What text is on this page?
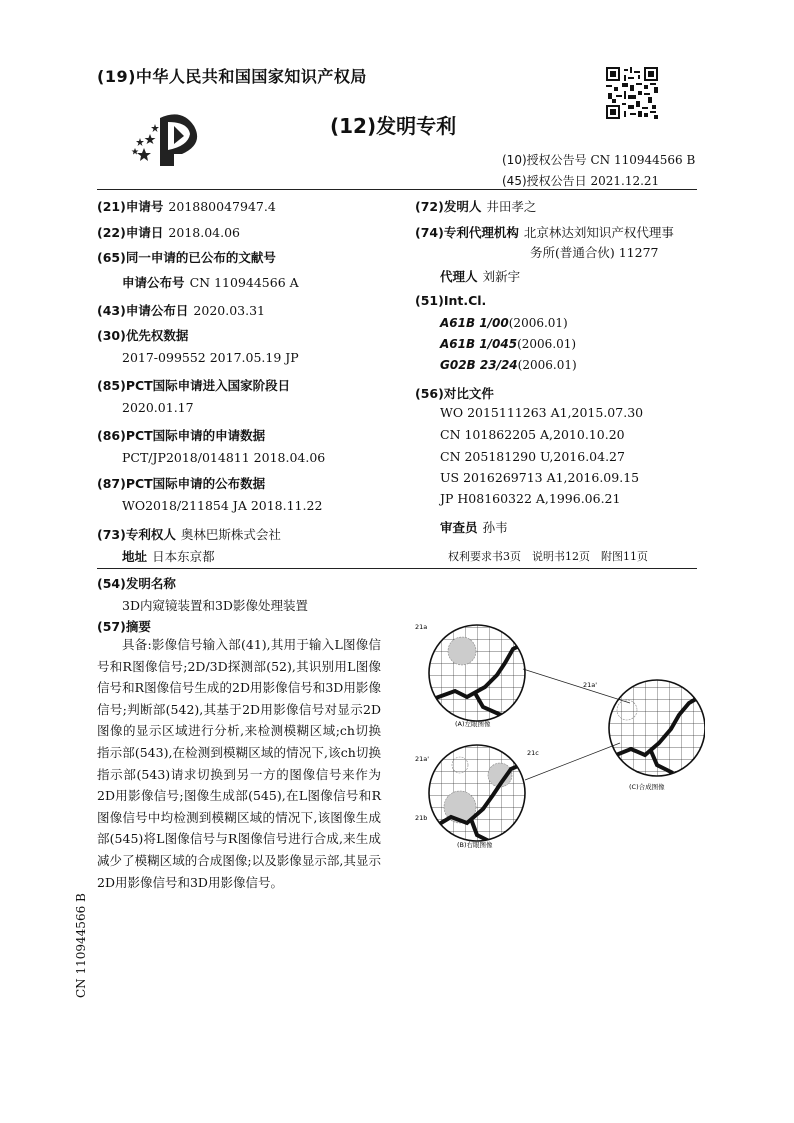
(19)中华人民共和国国家知识产权局
(12)发明专利
(10)授权公告号 CN 110944566 B
(45)授权公告日 2021.12.21
(21)申请号 201880047947.4
(22)申请日 2018.04.06
(65)同一申请的已公布的文献号
申请公布号 CN 110944566 A
(43)申请公布日 2020.03.31
(30)优先权数据
2017-099552 2017.05.19 JP
(85)PCT国际申请进入国家阶段日
2020.01.17
(86)PCT国际申请的申请数据
PCT/JP2018/014811 2018.04.06
(87)PCT国际申请的公布数据
WO2018/211854 JA 2018.11.22
(73)专利权人 奥林巴斯株式会社
地址 日本东京都
(72)发明人 井田孝之
(74)专利代理机构 北京林达刘知识产权代理事
务所(普通合伙) 11277
代理人 刘新宇
(51)Int.Cl.
A61B 1/00(2006.01)
A61B 1/045(2006.01)
G02B 23/24(2006.01)
(56)对比文件
WO 2015111263 A1,2015.07.30
CN 101862205 A,2010.10.20
CN 205181290 U,2016.04.27
US 2016269713 A1,2016.09.15
JP H08160322 A,1996.06.21
审查员 孙韦
权利要求书3页　说明书12页　附图11页
(54)发明名称
3D内窥镜装置和3D影像处理装置
(57)摘要
具备:影像信号输入部(41),其用于输入L图像信号和R图像信号;2D/3D探测部(52),其识别用L图像信号和R图像信号生成的2D用影像信号和3D用影像信号;判断部(542),其基于2D用影像信号对显示2D图像的显示区域进行分析,来检测模糊区域;ch切换指示部(543),在检测到模糊区域的情况下,该ch切换指示部(543)请求切换到另一方的图像信号来作为2D用影像信号;图像生成部(545),在L图像信号和R图像信号中均检测到模糊区域的情况下,该图像生成部(545)将L图像信号与R图像信号进行合成,来生成减少了模糊区域的合成图像;以及影像显示部,其显示2D用影像信号和3D用影像信号。
21a
(A)左眼图像
21a'
21c
21b
(B)右眼图像
21a'
(C)合成图像
CN 110944566 B
